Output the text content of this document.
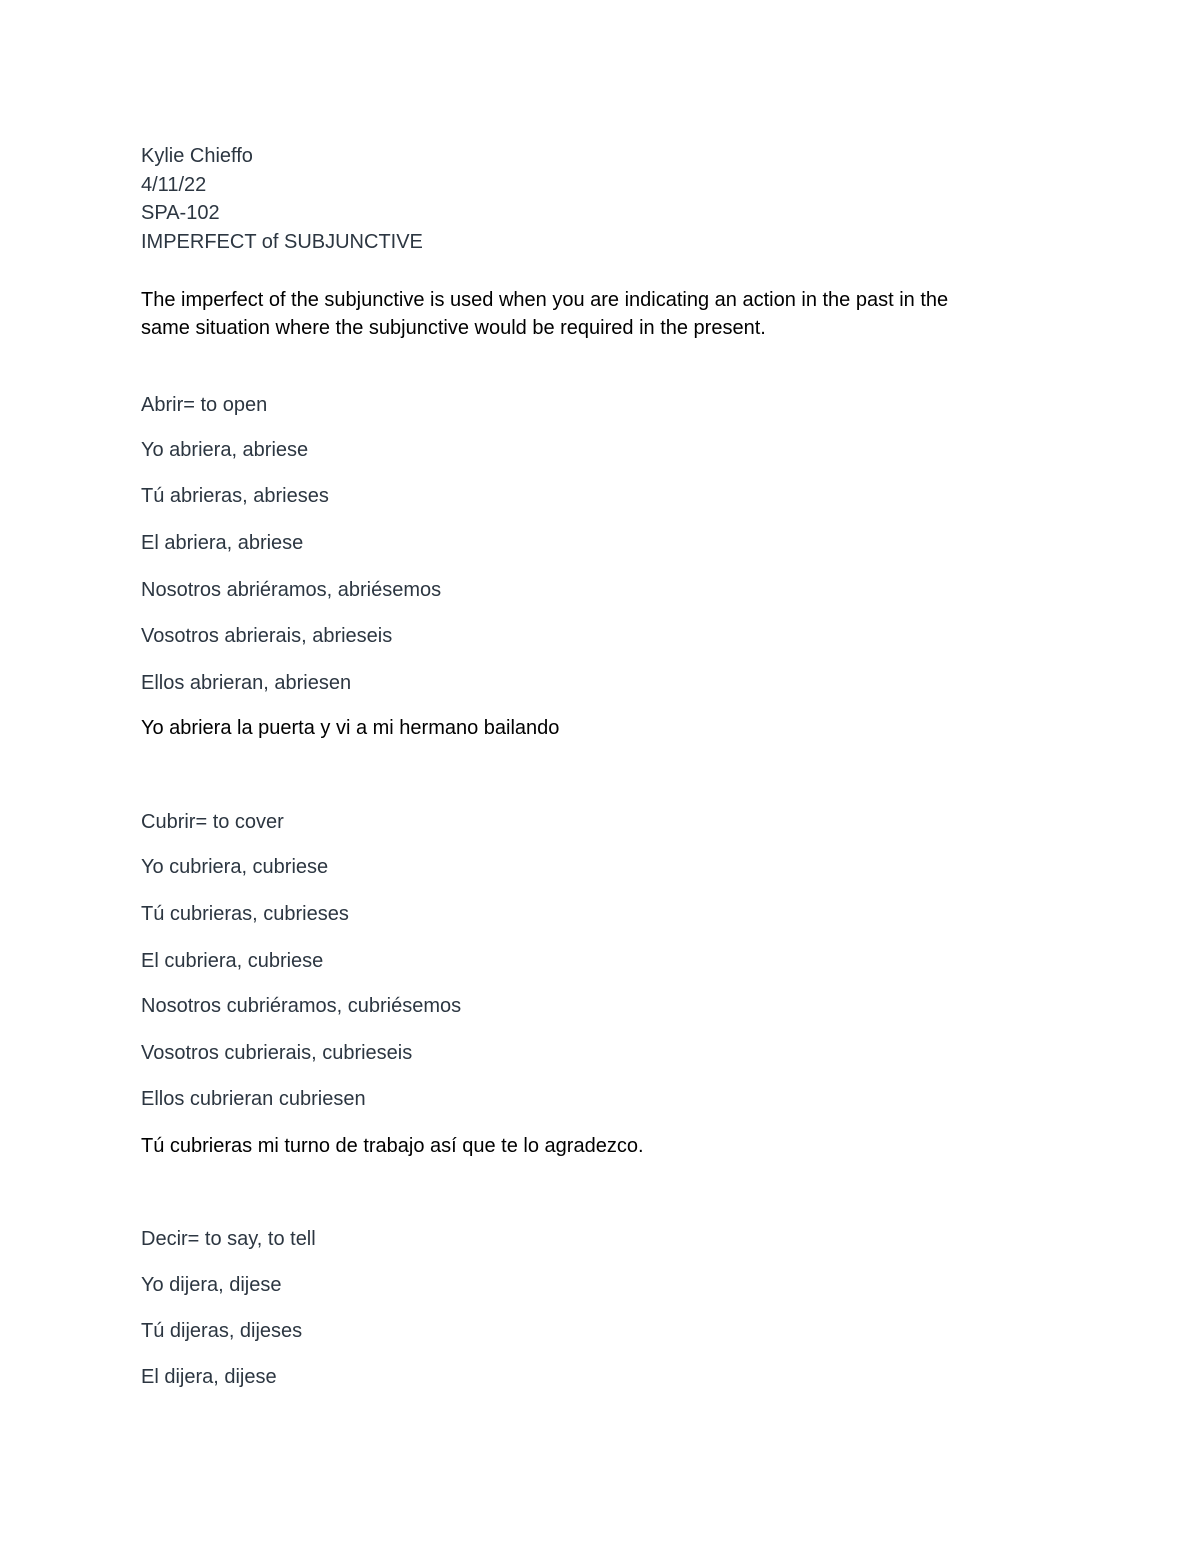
Kylie Chieffo
4/11/22
SPA-102
IMPERFECT of SUBJUNCTIVE
The imperfect of the subjunctive is used when you are indicating an action in the past in the
same situation where the subjunctive would be required in the present.
Abrir= to open
Yo abriera, abriese
Tú abrieras, abrieses
El abriera, abriese
Nosotros abriéramos, abriésemos
Vosotros abrierais, abrieseis
Ellos abrieran, abriesen
Yo abriera la puerta y vi a mi hermano bailando
Cubrir= to cover
Yo cubriera, cubriese
Tú cubrieras, cubrieses
El cubriera, cubriese
Nosotros cubriéramos, cubriésemos
Vosotros cubrierais, cubrieseis
Ellos cubrieran cubriesen
Tú cubrieras mi turno de trabajo así que te lo agradezco.
Decir= to say, to tell
Yo dijera, dijese
Tú dijeras, dijeses
El dijera, dijese
